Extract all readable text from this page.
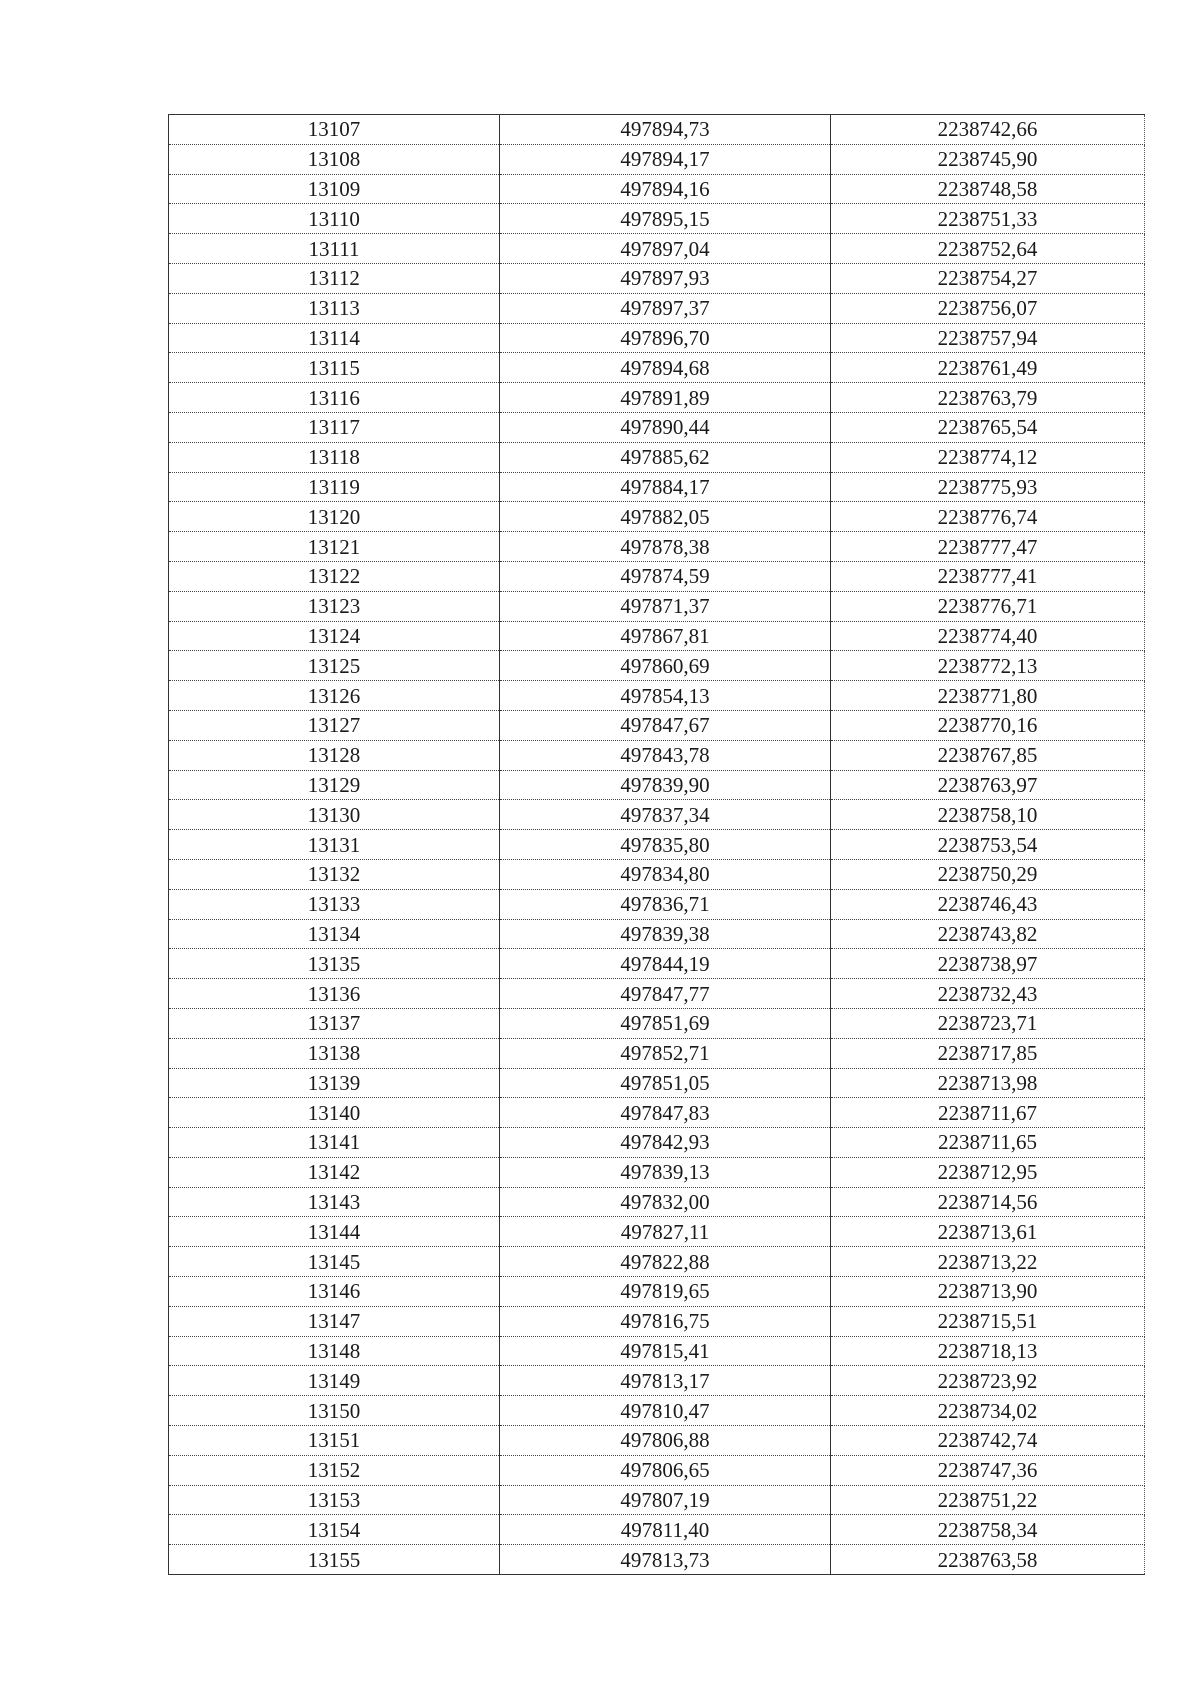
13107	497894,73	2238742,66
13108	497894,17	2238745,90
13109	497894,16	2238748,58
13110	497895,15	2238751,33
13111	497897,04	2238752,64
13112	497897,93	2238754,27
13113	497897,37	2238756,07
13114	497896,70	2238757,94
13115	497894,68	2238761,49
13116	497891,89	2238763,79
13117	497890,44	2238765,54
13118	497885,62	2238774,12
13119	497884,17	2238775,93
13120	497882,05	2238776,74
13121	497878,38	2238777,47
13122	497874,59	2238777,41
13123	497871,37	2238776,71
13124	497867,81	2238774,40
13125	497860,69	2238772,13
13126	497854,13	2238771,80
13127	497847,67	2238770,16
13128	497843,78	2238767,85
13129	497839,90	2238763,97
13130	497837,34	2238758,10
13131	497835,80	2238753,54
13132	497834,80	2238750,29
13133	497836,71	2238746,43
13134	497839,38	2238743,82
13135	497844,19	2238738,97
13136	497847,77	2238732,43
13137	497851,69	2238723,71
13138	497852,71	2238717,85
13139	497851,05	2238713,98
13140	497847,83	2238711,67
13141	497842,93	2238711,65
13142	497839,13	2238712,95
13143	497832,00	2238714,56
13144	497827,11	2238713,61
13145	497822,88	2238713,22
13146	497819,65	2238713,90
13147	497816,75	2238715,51
13148	497815,41	2238718,13
13149	497813,17	2238723,92
13150	497810,47	2238734,02
13151	497806,88	2238742,74
13152	497806,65	2238747,36
13153	497807,19	2238751,22
13154	497811,40	2238758,34
13155	497813,73	2238763,58
